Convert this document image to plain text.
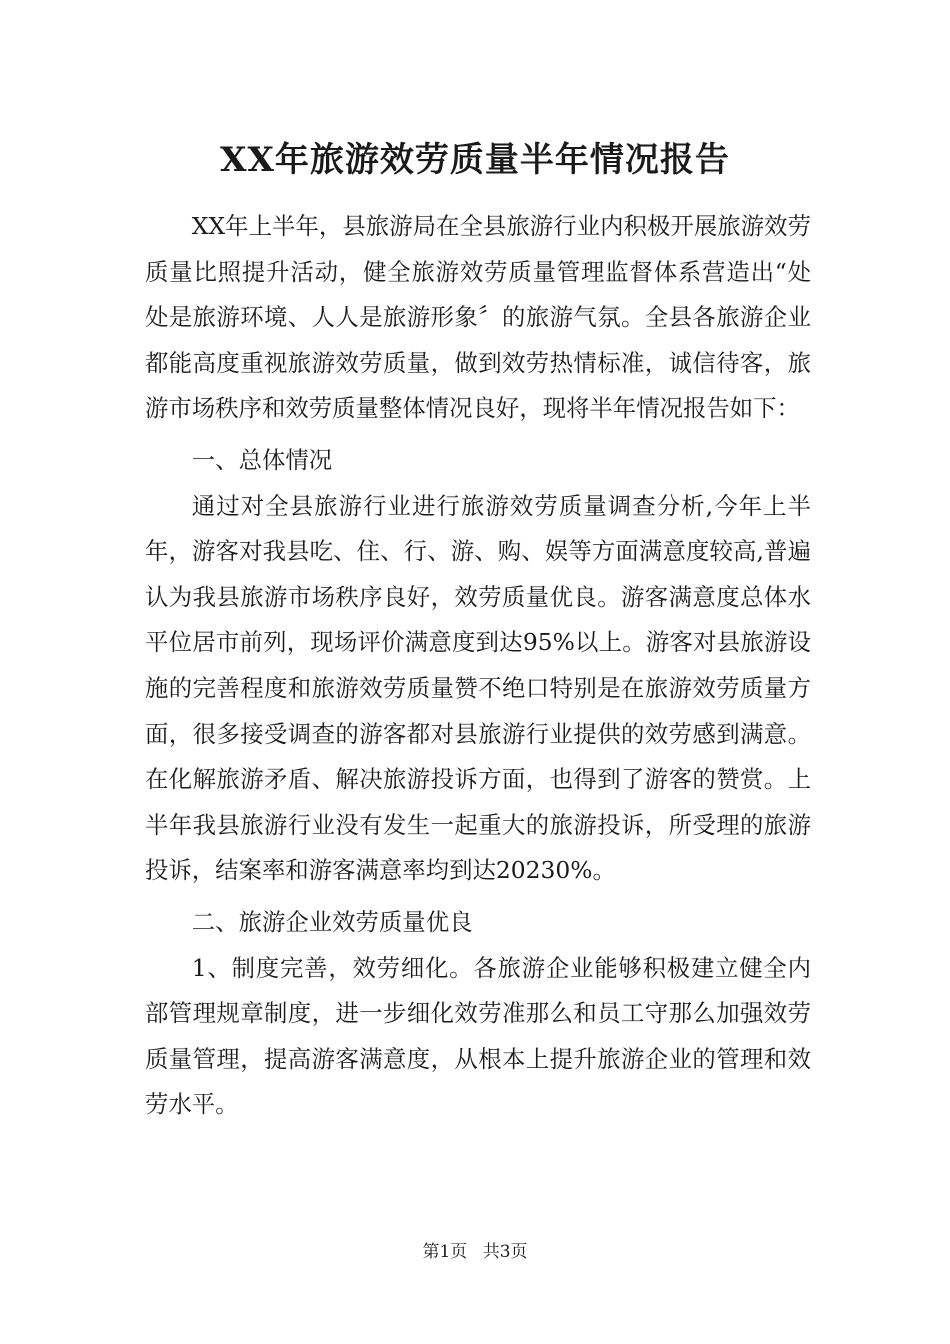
XX年旅游效劳质量半年情况报告

XX年上半年，县旅游局在全县旅游行业内积极开展旅游效劳质量比照提升活动，健全旅游效劳质量管理监督体系营造出“处处是旅游环境、人人是旅游形象〞的旅游气氛。全县各旅游企业都能高度重视旅游效劳质量，做到效劳热情标准，诚信待客，旅游市场秩序和效劳质量整体情况良好，现将半年情况报告如下：

一、总体情况

通过对全县旅游行业进行旅游效劳质量调查分析,今年上半年，游客对我县吃、住、行、游、购、娱等方面满意度较高,普遍认为我县旅游市场秩序良好，效劳质量优良。游客满意度总体水平位居市前列，现场评价满意度到达95%以上。游客对县旅游设施的完善程度和旅游效劳质量赞不绝口特别是在旅游效劳质量方面，很多接受调查的游客都对县旅游行业提供的效劳感到满意。在化解旅游矛盾、解决旅游投诉方面，也得到了游客的赞赏。上半年我县旅游行业没有发生一起重大的旅游投诉，所受理的旅游投诉，结案率和游客满意率均到达20230%。

二、旅游企业效劳质量优良

1、制度完善，效劳细化。各旅游企业能够积极建立健全内部管理规章制度，进一步细化效劳准那么和员工守那么加强效劳质量管理，提高游客满意度，从根本上提升旅游企业的管理和效劳水平。

第1页 共3页
